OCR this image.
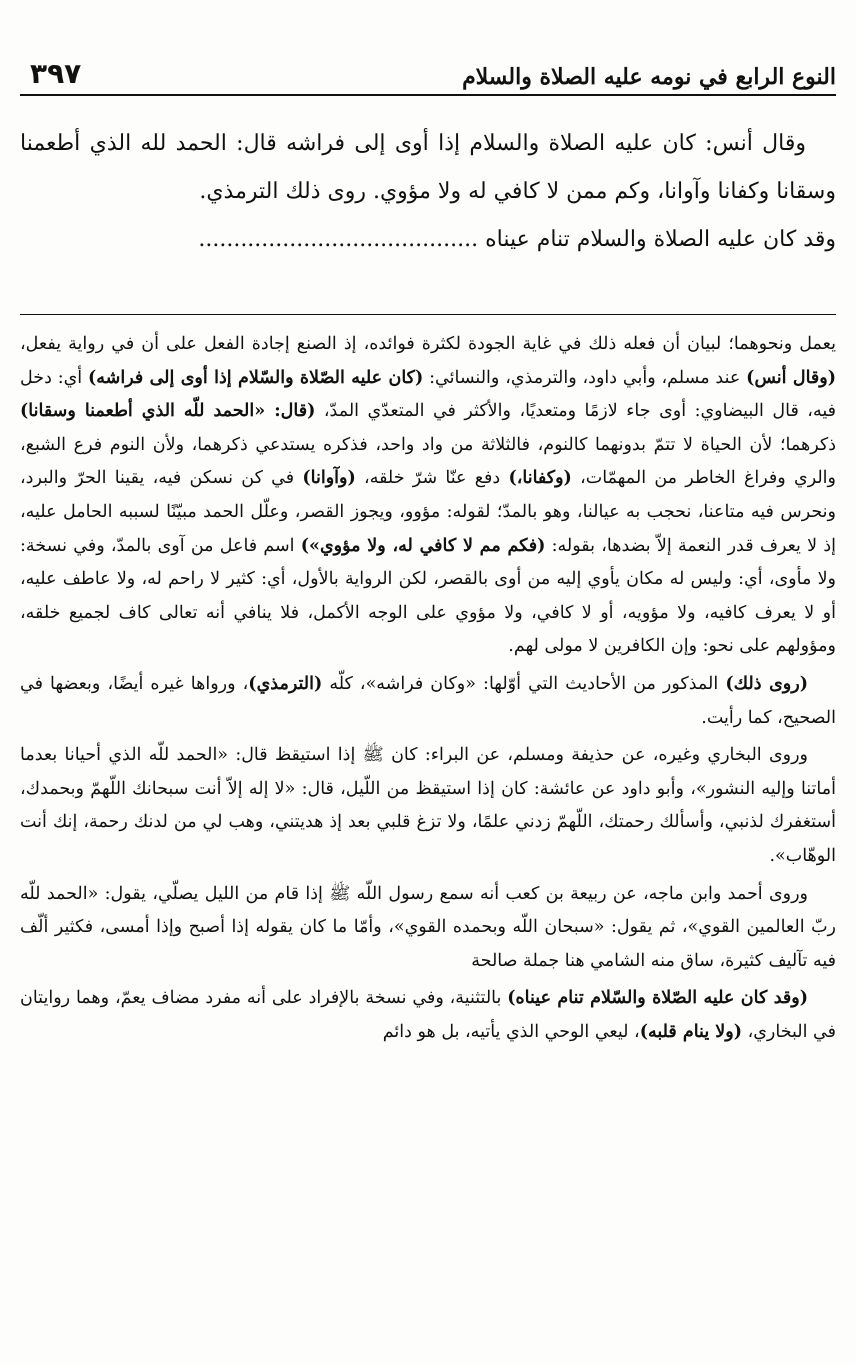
٣٩٧	النوع الرابع في نومه عليه الصلاة والسلام

وقال أنس: كان عليه الصلاة والسلام إذا أوى إلى فراشه قال: الحمد لله الذي أطعمنا وسقانا وكفانا وآوانا، وكم ممن لا كافي له ولا مؤوي. روى ذلك الترمذي.

وقد كان عليه الصلاة والسلام تنام عيناه ........................................

يعمل ونحوهما؛ لبيان أن فعله ذلك في غاية الجودة لكثرة فوائده، إذ الصنع إجادة الفعل على أن في رواية يفعل، (وقال أنس) عند مسلم، وأبي داود، والترمذي، والنسائي: (كان عليه الصّلاة والسّلام إذا أوى إلى فراشه) أي: دخل فيه، قال البيضاوي: أوى جاء لازمًا ومتعديًا، والأكثر في المتعدّي المدّ، (قال: «الحمد للّه الذي أطعمنا وسقانا) ذكرهما؛ لأن الحياة لا تتمّ بدونهما كالنوم، فالثلاثة من واد واحد، فذكره يستدعي ذكرهما، ولأن النوم فرع الشبع، والري وفراغ الخاطر من المهمّات، (وكفانا،) دفع عنّا شرّ خلقه، (وآوانا) في كن نسكن فيه، يقينا الحرّ والبرد، ونحرس فيه متاعنا، نحجب به عيالنا، وهو بالمدّ؛ لقوله: مؤوو، ويجوز القصر، وعلّل الحمد مبيّنًا لسببه الحامل عليه، إذ لا يعرف قدر النعمة إلاّ بضدها، بقوله: (فكم مم لا كافي له، ولا مؤوي») اسم فاعل من آوى بالمدّ، وفي نسخة: ولا مأوى، أي: وليس له مكان يأوي إليه من أوى بالقصر، لكن الرواية بالأول، أي: كثير لا راحم له، ولا عاطف عليه، أو لا يعرف كافيه، ولا مؤويه، أو لا كافي، ولا مؤوي على الوجه الأكمل، فلا ينافي أنه تعالى كاف لجميع خلقه، ومؤولهم على نحو: وإن الكافرين لا مولى لهم.

(روى ذلك) المذكور من الأحاديث التي أوّلها: «وكان فراشه»، كلّه (الترمذي)، ورواها غيره أيضًا، وبعضها في الصحيح، كما رأيت.

وروى البخاري وغيره، عن حذيفة ومسلم، عن البراء: كان ﷺ إذا استيقظ قال: «الحمد للّه الذي أحيانا بعدما أماتنا وإليه النشور»، وأبو داود عن عائشة: كان إذا استيقظ من اللّيل، قال: «لا إله إلاّ أنت سبحانك اللّهمّ وبحمدك، أستغفرك لذنبي، وأسألك رحمتك، اللّهمّ زدني علمًا، ولا تزغ قلبي بعد إذ هديتني، وهب لي من لدنك رحمة، إنك أنت الوهّاب».

وروى أحمد وابن ماجه، عن ربيعة بن كعب أنه سمع رسول اللّه ﷺ إذا قام من الليل يصلّي، يقول: «الحمد للّه ربّ العالمين القوي»، ثم يقول: «سبحان اللّه وبحمده القوي»، وأمّا ما كان يقوله إذا أصبح وإذا أمسى، فكثير ألّف فيه تآليف كثيرة، ساق منه الشامي هنا جملة صالحة

(وقد كان عليه الصّلاة والسّلام تنام عيناه) بالتثنية، وفي نسخة بالإفراد على أنه مفرد مضاف يعمّ، وهما روايتان في البخاري، (ولا ينام قلبه)، ليعي الوحي الذي يأتيه، بل هو دائم
